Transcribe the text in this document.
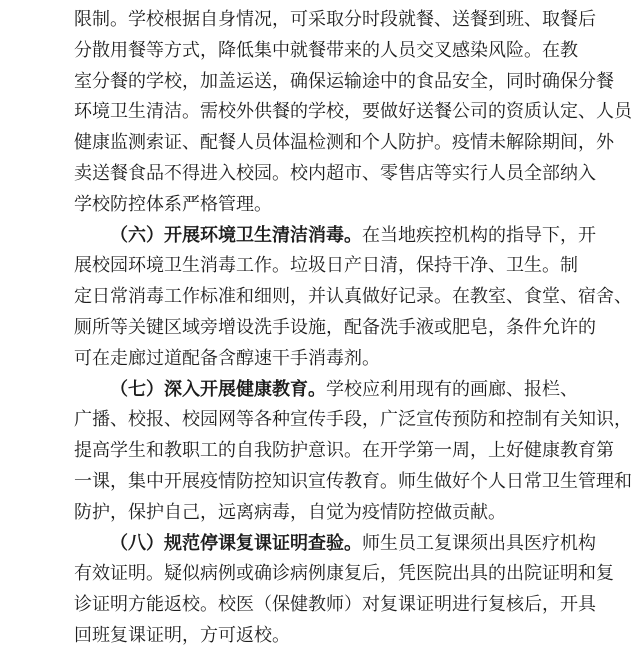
限制。学校根据自身情况，可采取分时段就餐、送餐到班、取餐后
分散用餐等方式，降低集中就餐带来的人员交叉感染风险。在教
室分餐的学校，加盖运送，确保运输途中的食品安全，同时确保分餐
环境卫生清洁。需校外供餐的学校，要做好送餐公司的资质认定、人员
健康监测索证、配餐人员体温检测和个人防护。疫情未解除期间，外
卖送餐食品不得进入校园。校内超市、零售店等实行人员全部纳入
学校防控体系严格管理。
（六）开展环境卫生清洁消毒。在当地疾控机构的指导下，开
展校园环境卫生消毒工作。垃圾日产日清，保持干净、卫生。制
定日常消毒工作标准和细则，并认真做好记录。在教室、食堂、宿舍、
厕所等关键区域旁增设洗手设施，配备洗手液或肥皂，条件允许的
可在走廊过道配备含醇速干手消毒剂。
（七）深入开展健康教育。学校应利用现有的画廊、报栏、
广播、校报、校园网等各种宣传手段，广泛宣传预防和控制有关知识，
提高学生和教职工的自我防护意识。在开学第一周，上好健康教育第
一课，集中开展疫情防控知识宣传教育。师生做好个人日常卫生管理和
防护，保护自己，远离病毒，自觉为疫情防控做贡献。
（八）规范停课复课证明查验。师生员工复课须出具医疗机构
有效证明。疑似病例或确诊病例康复后，凭医院出具的出院证明和复
诊证明方能返校。校医（保健教师）对复课证明进行复核后，开具
回班复课证明，方可返校。
